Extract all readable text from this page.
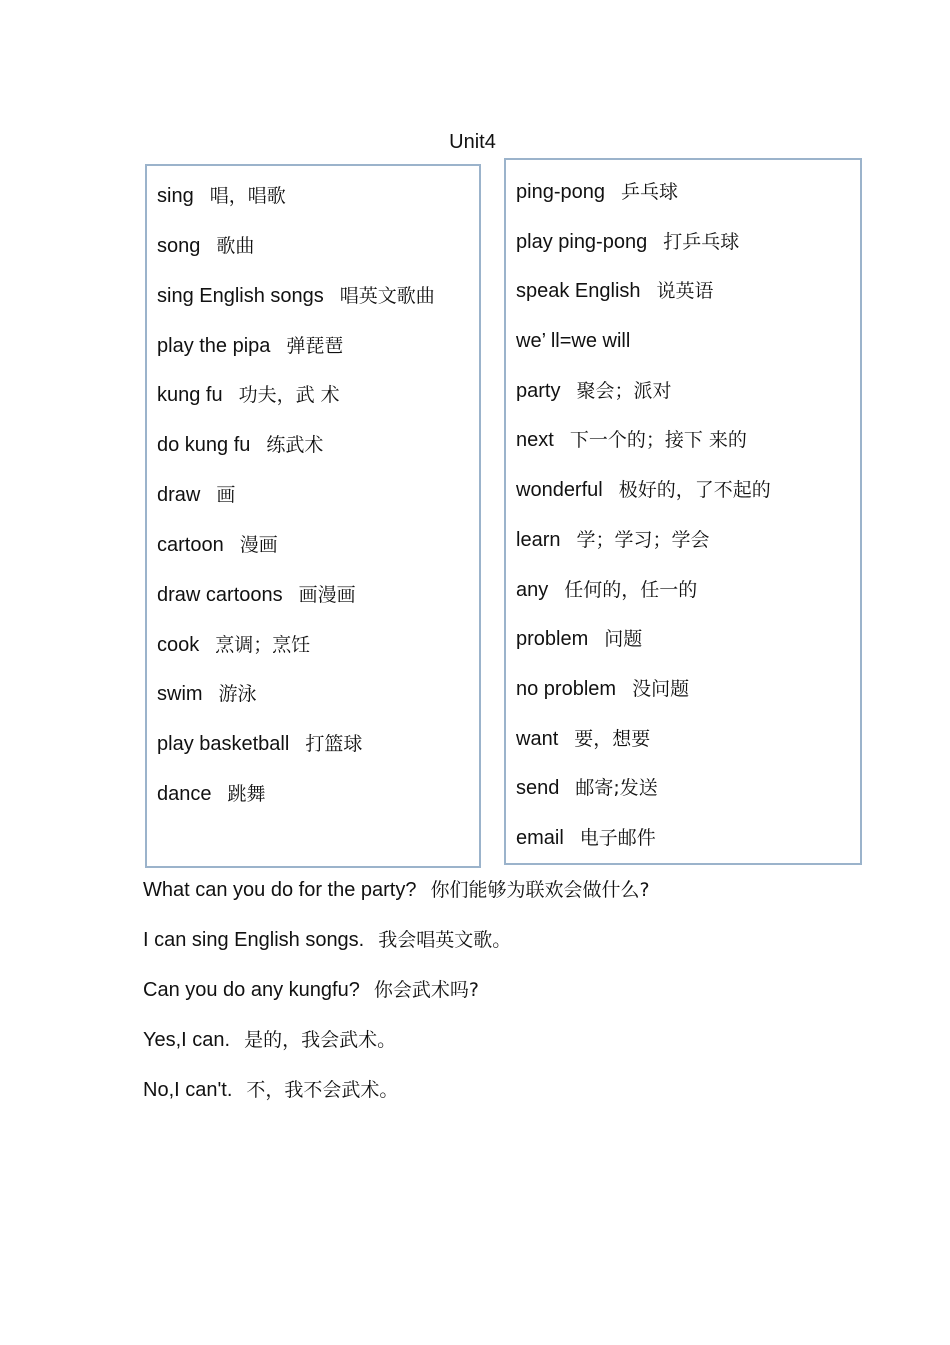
Unit4
sing 唱，唱歌
song 歌曲
sing English songs 唱英文歌曲
play the pipa 弹琵琶
kung fu 功夫，武 术
do kung fu 练武术
draw 画
cartoon 漫画
draw cartoons 画漫画
cook 烹调；烹饪
swim 游泳
play basketball 打篮球
dance 跳舞
ping-pong 乒乓球
play ping-pong 打乒乓球
speak English 说英语
we’ ll=we will
party 聚会；派对
next 下一个的；接下 来的
wonderful 极好的，了不起的
learn 学；学习；学会
any 任何的，任一的
problem 问题
no problem 没问题
want 要，想要
send 邮寄;发送
email 电子邮件
What can you do for the party? 你们能够为联欢会做什么?
I can sing English songs. 我会唱英文歌。
Can you do any kungfu? 你会武术吗?
Yes,I can. 是的，我会武术。
No,I can't. 不，我不会武术。
